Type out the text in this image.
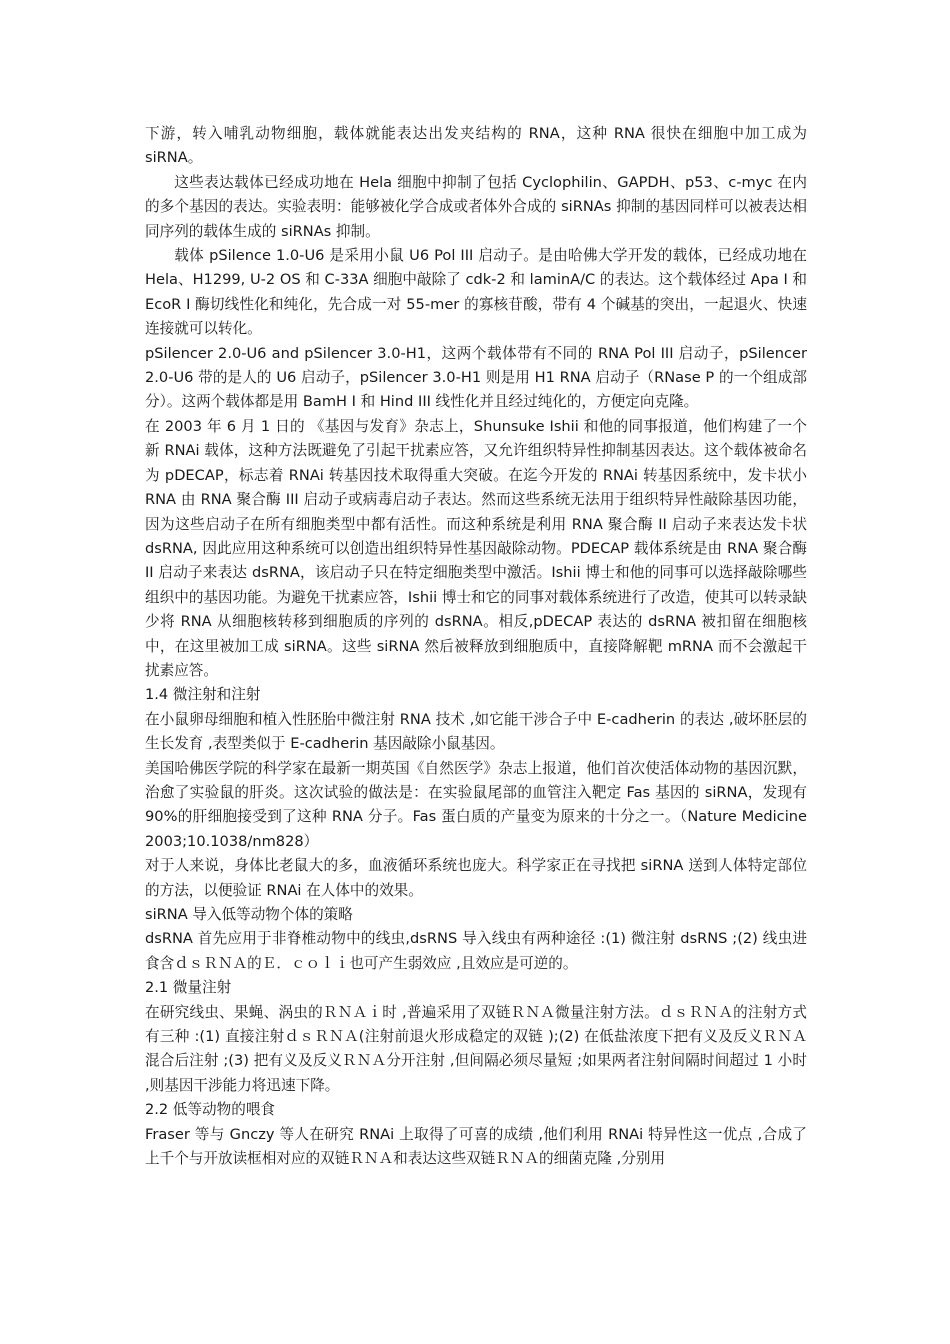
下游，转入哺乳动物细胞，载体就能表达出发夹结构的 RNA，这种 RNA 很快在细胞中加工成为 siRNA。

这些表达载体已经成功地在 Hela 细胞中抑制了包括 Cyclophilin、GAPDH、p53、c-myc 在内的多个基因的表达。实验表明：能够被化学合成或者体外合成的 siRNAs 抑制的基因同样可以被表达相同序列的载体生成的 siRNAs 抑制。

载体 pSilence 1.0-U6 是采用小鼠 U6 Pol III 启动子。是由哈佛大学开发的载体，已经成功地在 Hela、H1299, U-2 OS 和 C-33A 细胞中敲除了 cdk-2 和 laminA/C 的表达。这个载体经过 Apa I 和 EcoR I 酶切线性化和纯化，先合成一对 55-mer 的寡核苷酸，带有 4 个碱基的突出，一起退火、快速连接就可以转化。

pSilencer 2.0-U6 and pSilencer 3.0-H1，这两个载体带有不同的 RNA Pol III 启动子，pSilencer 2.0-U6 带的是人的 U6 启动子，pSilencer 3.0-H1 则是用 H1 RNA 启动子（RNase P 的一个组成部分）。这两个载体都是用 BamH I 和 Hind III 线性化并且经过纯化的，方便定向克隆。

在 2003 年 6 月 1 日的 《基因与发育》杂志上，Shunsuke Ishii 和他的同事报道，他们构建了一个新 RNAi 载体，这种方法既避免了引起干扰素应答，又允许组织特异性抑制基因表达。这个载体被命名为 pDECAP，标志着 RNAi 转基因技术取得重大突破。在迄今开发的 RNAi 转基因系统中，发卡状小 RNA 由 RNA 聚合酶 III 启动子或病毒启动子表达。然而这些系统无法用于组织特异性敲除基因功能，因为这些启动子在所有细胞类型中都有活性。而这种系统是利用 RNA 聚合酶 II 启动子来表达发卡状 dsRNA, 因此应用这种系统可以创造出组织特异性基因敲除动物。PDECAP 载体系统是由 RNA 聚合酶 II 启动子来表达 dsRNA，该启动子只在特定细胞类型中激活。Ishii 博士和他的同事可以选择敲除哪些组织中的基因功能。为避免干扰素应答，Ishii 博士和它的同事对载体系统进行了改造，使其可以转录缺少将 RNA 从细胞核转移到细胞质的序列的 dsRNA。相反,pDECAP 表达的 dsRNA 被扣留在细胞核中，在这里被加工成 siRNA。这些 siRNA 然后被释放到细胞质中，直接降解靶 mRNA 而不会激起干扰素应答。

1.4 微注射和注射

在小鼠卵母细胞和植入性胚胎中微注射 RNA 技术 ,如它能干涉合子中 E-cadherin 的表达 ,破坏胚层的生长发育 ,表型类似于 E-cadherin 基因敲除小鼠基因。

美国哈佛医学院的科学家在最新一期英国《自然医学》杂志上报道，他们首次使活体动物的基因沉默，治愈了实验鼠的肝炎。这次试验的做法是：在实验鼠尾部的血管注入靶定 Fas 基因的 siRNA，发现有 90%的肝细胞接受到了这种 RNA 分子。Fas 蛋白质的产量变为原来的十分之一。（Nature Medicine 2003;10.1038/nm828）

对于人来说，身体比老鼠大的多，血液循环系统也庞大。科学家正在寻找把 siRNA 送到人体特定部位的方法，以便验证 RNAi 在人体中的效果。

siRNA 导入低等动物个体的策略

dsRNA 首先应用于非脊椎动物中的线虫,dsRNS 导入线虫有两种途径 :(1) 微注射 dsRNS ;(2) 线虫进食含ｄｓＲＮＡ的Ｅ．ｃｏｌｉ也可产生弱效应 ,且效应是可逆的。

2.1 微量注射

在研究线虫、果蝇、涡虫的ＲＮＡｉ时 ,普遍采用了双链ＲＮＡ微量注射方法。ｄｓＲＮＡ的注射方式有三种 :(1) 直接注射ｄｓＲＮＡ(注射前退火形成稳定的双链 );(2) 在低盐浓度下把有义及反义ＲＮＡ混合后注射 ;(3) 把有义及反义ＲＮＡ分开注射 ,但间隔必须尽量短 ;如果两者注射间隔时间超过 1 小时 ,则基因干涉能力将迅速下降。

2.2 低等动物的喂食

Fraser 等与 Gnczy 等人在研究 RNAi 上取得了可喜的成绩 ,他们利用 RNAi 特异性这一优点 ,合成了上千个与开放读框相对应的双链ＲＮＡ和表达这些双链ＲＮＡ的细菌克隆 ,分别用
